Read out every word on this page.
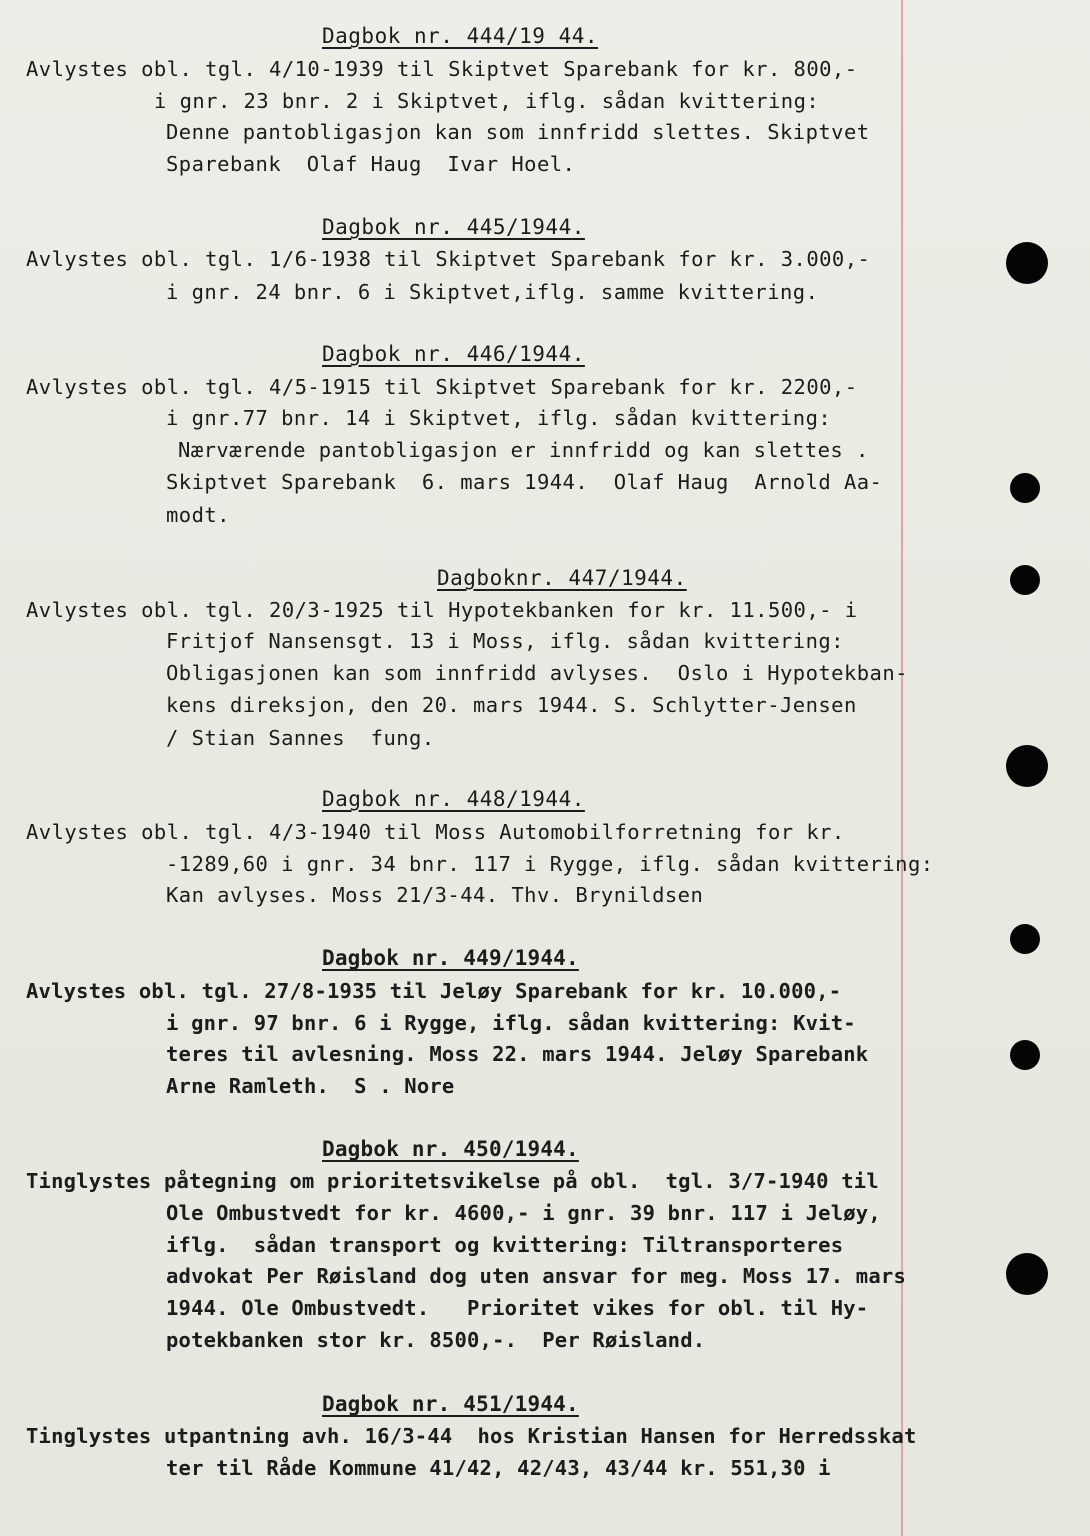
Dagbok nr. 444/19 44.
Avlystes obl. tgl. 4/10-1939 til Skiptvet Sparebank for kr. 800,-
i gnr. 23 bnr. 2 i Skiptvet, iflg. sådan kvittering:
Denne pantobligasjon kan som innfridd slettes. Skiptvet
Sparebank  Olaf Haug  Ivar Hoel.
Dagbok nr. 445/1944.
Avlystes obl. tgl. 1/6-1938 til Skiptvet Sparebank for kr. 3.000,-
i gnr. 24 bnr. 6 i Skiptvet,iflg. samme kvittering.
Dagbok nr. 446/1944.
Avlystes obl. tgl. 4/5-1915 til Skiptvet Sparebank for kr. 2200,-
i gnr.77 bnr. 14 i Skiptvet, iflg. sådan kvittering:
Nærværende pantobligasjon er innfridd og kan slettes .
Skiptvet Sparebank  6. mars 1944.  Olaf Haug  Arnold Aa-
modt.
Dagboknr. 447/1944.
Avlystes obl. tgl. 20/3-1925 til Hypotekbanken for kr. 11.500,- i
Fritjof Nansensgt. 13 i Moss, iflg. sådan kvittering:
Obligasjonen kan som innfridd avlyses.  Oslo i Hypotekban-
kens direksjon, den 20. mars 1944. S. Schlytter-Jensen
/ Stian Sannes  fung.
Dagbok nr. 448/1944.
Avlystes obl. tgl. 4/3-1940 til Moss Automobilforretning for kr.
-1289,60 i gnr. 34 bnr. 117 i Rygge, iflg. sådan kvittering:
Kan avlyses. Moss 21/3-44. Thv. Brynildsen
Dagbok nr. 449/1944.
Avlystes obl. tgl. 27/8-1935 til Jeløy Sparebank for kr. 10.000,-
i gnr. 97 bnr. 6 i Rygge, iflg. sådan kvittering: Kvit-
teres til avlesning. Moss 22. mars 1944. Jeløy Sparebank
Arne Ramleth.  S . Nore
Dagbok nr. 450/1944.
Tinglystes påtegning om prioritetsvikelse på obl.  tgl. 3/7-1940 til
Ole Ombustvedt for kr. 4600,- i gnr. 39 bnr. 117 i Jeløy,
iflg.  sådan transport og kvittering: Tiltransporteres
advokat Per Røisland dog uten ansvar for meg. Moss 17. mars
1944. Ole Ombustvedt.   Prioritet vikes for obl. til Hy-
potekbanken stor kr. 8500,-.  Per Røisland.
Dagbok nr. 451/1944.
Tinglystes utpantning avh. 16/3-44  hos Kristian Hansen for Herredsskat
ter til Råde Kommune 41/42, 42/43, 43/44 kr. 551,30 i
